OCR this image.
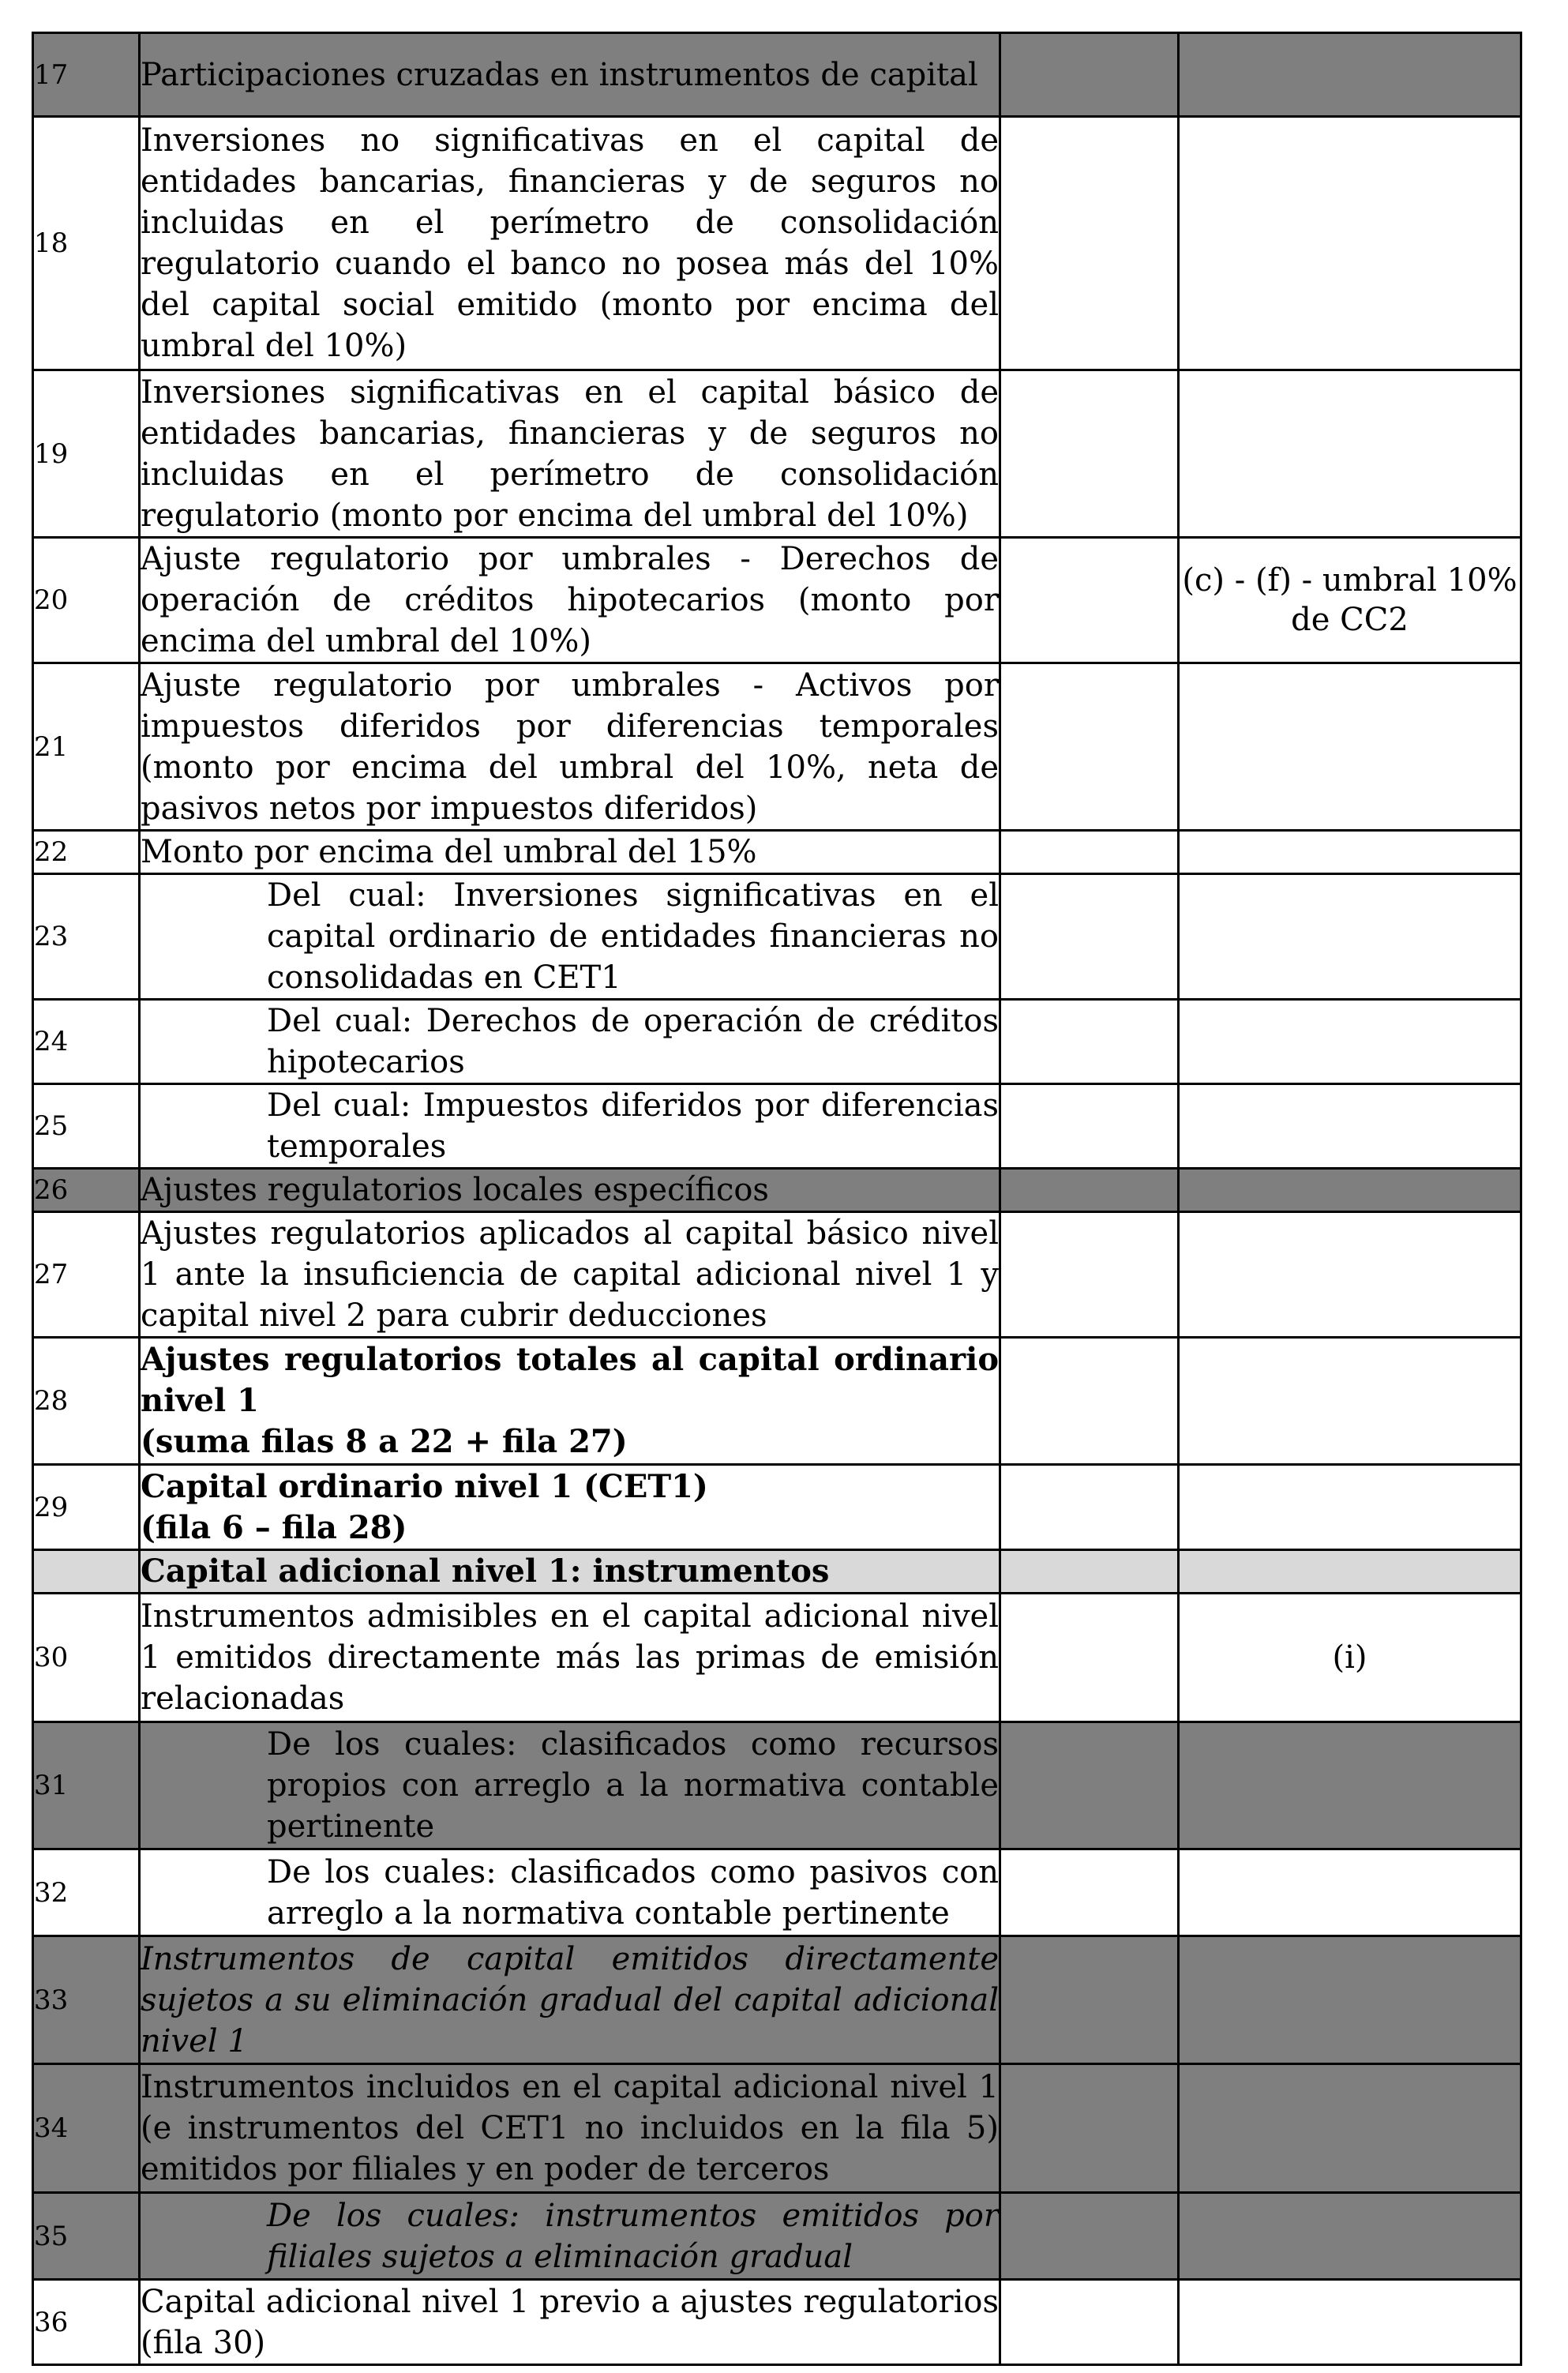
17	Participaciones cruzadas en instrumentos de capital		
18	Inversiones no significativas en el capital de entidades bancarias, financieras y de seguros no incluidas en el perímetro de consolidación regulatorio cuando el banco no posea más del 10% del capital social emitido (monto por encima del umbral del 10%)		
19	Inversiones significativas en el capital básico de entidades bancarias, financieras y de seguros no incluidas en el perímetro de consolidación regulatorio (monto por encima del umbral del 10%)		
20	Ajuste regulatorio por umbrales - Derechos de operación de créditos hipotecarios (monto por encima del umbral del 10%)		(c) - (f) - umbral 10% de CC2
21	Ajuste regulatorio por umbrales - Activos por impuestos diferidos por diferencias temporales (monto por encima del umbral del 10%, neta de pasivos netos por impuestos diferidos)		
22	Monto por encima del umbral del 15%		
23	Del cual: Inversiones significativas en el capital ordinario de entidades financieras no consolidadas en CET1		
24	Del cual: Derechos de operación de créditos hipotecarios		
25	Del cual: Impuestos diferidos por diferencias temporales		
26	Ajustes regulatorios locales específicos		
27	Ajustes regulatorios aplicados al capital básico nivel 1 ante la insuficiencia de capital adicional nivel 1 y capital nivel 2 para cubrir deducciones		
28	Ajustes regulatorios totales al capital ordinario nivel 1
(suma filas 8 a 22 + fila 27)		

29	Capital ordinario nivel 1 (CET1)
(fila 6 – fila 28)		

	Capital adicional nivel 1: instrumentos		
30	Instrumentos admisibles en el capital adicional nivel 1 emitidos directamente más las primas de emisión relacionadas		(i)
31	De los cuales: clasificados como recursos propios con arreglo a la normativa contable pertinente		
32	De los cuales: clasificados como pasivos con arreglo a la normativa contable pertinente		
33	Instrumentos de capital emitidos directamente sujetos a su eliminación gradual del capital adicional nivel 1		
34	Instrumentos incluidos en el capital adicional nivel 1 (e instrumentos del CET1 no incluidos en la fila 5) emitidos por filiales y en poder de terceros		
35	De los cuales: instrumentos emitidos por filiales sujetos a eliminación gradual		
36	Capital adicional nivel 1 previo a ajustes regulatorios (fila 30)		
